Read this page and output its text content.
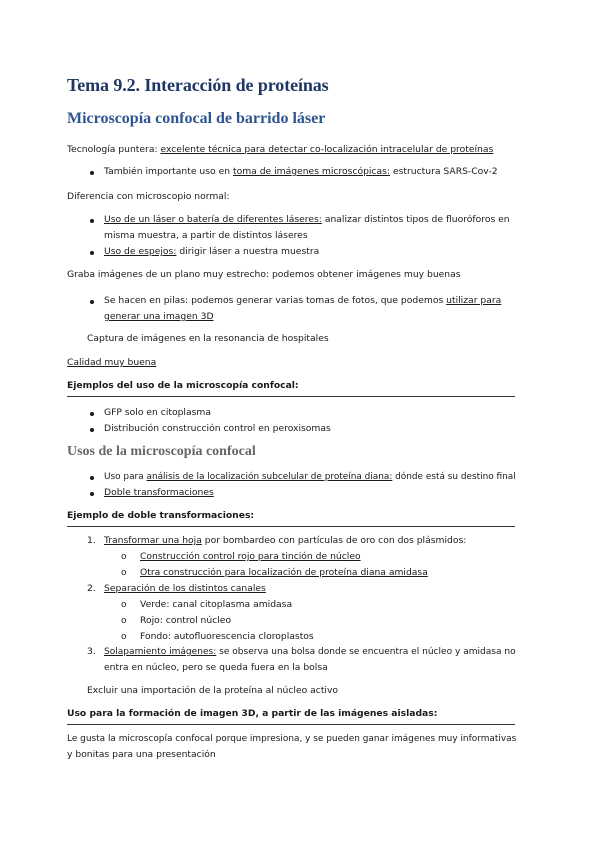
Tema 9.2. Interacción de proteínas
Microscopía confocal de barrido láser
Tecnología puntera: excelente técnica para detectar co-localización intracelular de proteínas
También importante uso en toma de imágenes microscópicas: estructura SARS-Cov-2
Diferencia con microscopio normal:
Uso de un láser o batería de diferentes láseres: analizar distintos tipos de fluoróforos en
misma muestra, a partir de distintos láseres
Uso de espejos: dirigir láser a nuestra muestra
Graba imágenes de un plano muy estrecho: podemos obtener imágenes muy buenas
Se hacen en pilas: podemos generar varias tomas de fotos, que podemos utilizar para
generar una imagen 3D
Captura de imágenes en la resonancia de hospitales
Calidad muy buena
Ejemplos del uso de la microscopía confocal:
GFP solo en citoplasma
Distribución construcción control en peroxisomas
Usos de la microscopía confocal
Uso para análisis de la localización subcelular de proteína diana: dónde está su destino final
Doble transformaciones
Ejemplo de doble transformaciones:
1. Transformar una hoja por bombardeo con partículas de oro con dos plásmidos:
o Construcción control rojo para tinción de núcleo
o Otra construcción para localización de proteína diana amidasa
2. Separación de los distintos canales
o Verde: canal citoplasma amidasa
o Rojo: control núcleo
o Fondo: autofluorescencia cloroplastos
3. Solapamiento imágenes: se observa una bolsa donde se encuentra el núcleo y amidasa no
entra en núcleo, pero se queda fuera en la bolsa
Excluir una importación de la proteína al núcleo activo
Uso para la formación de imagen 3D, a partir de las imágenes aisladas:
Le gusta la microscopía confocal porque impresiona, y se pueden ganar imágenes muy informativas
y bonitas para una presentación
